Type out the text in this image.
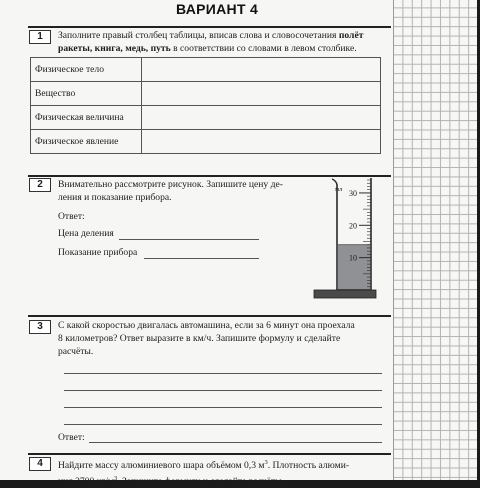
ВАРИАНТ 4
1	Заполните правый столбец таблицы, вписав слова и словосочетания полёт
ракеты, книга, медь, путь в соответствии со словами в левом столбике.
Физическое тело	
Вещество	
Физическая величина	
Физическое явление	
2	Внимательно рассмотрите рисунок. Запишите цену де-
ления и показание прибора.
Ответ:
Цена деления
Показание прибора
мл 30
20
10
3	С какой скоростью двигалась автомашина, если за 6 минут она проехала
8 километров? Ответ выразите в км/ч. Запишите формулу и сделайте
расчёты.
Ответ:
4	Найдите массу алюминиевого шара объёмом 0,3 $м^3$. Плотность алюми-
ния 2700 $кг/м^3$. Запишите формулу и сделайте расчёты.
